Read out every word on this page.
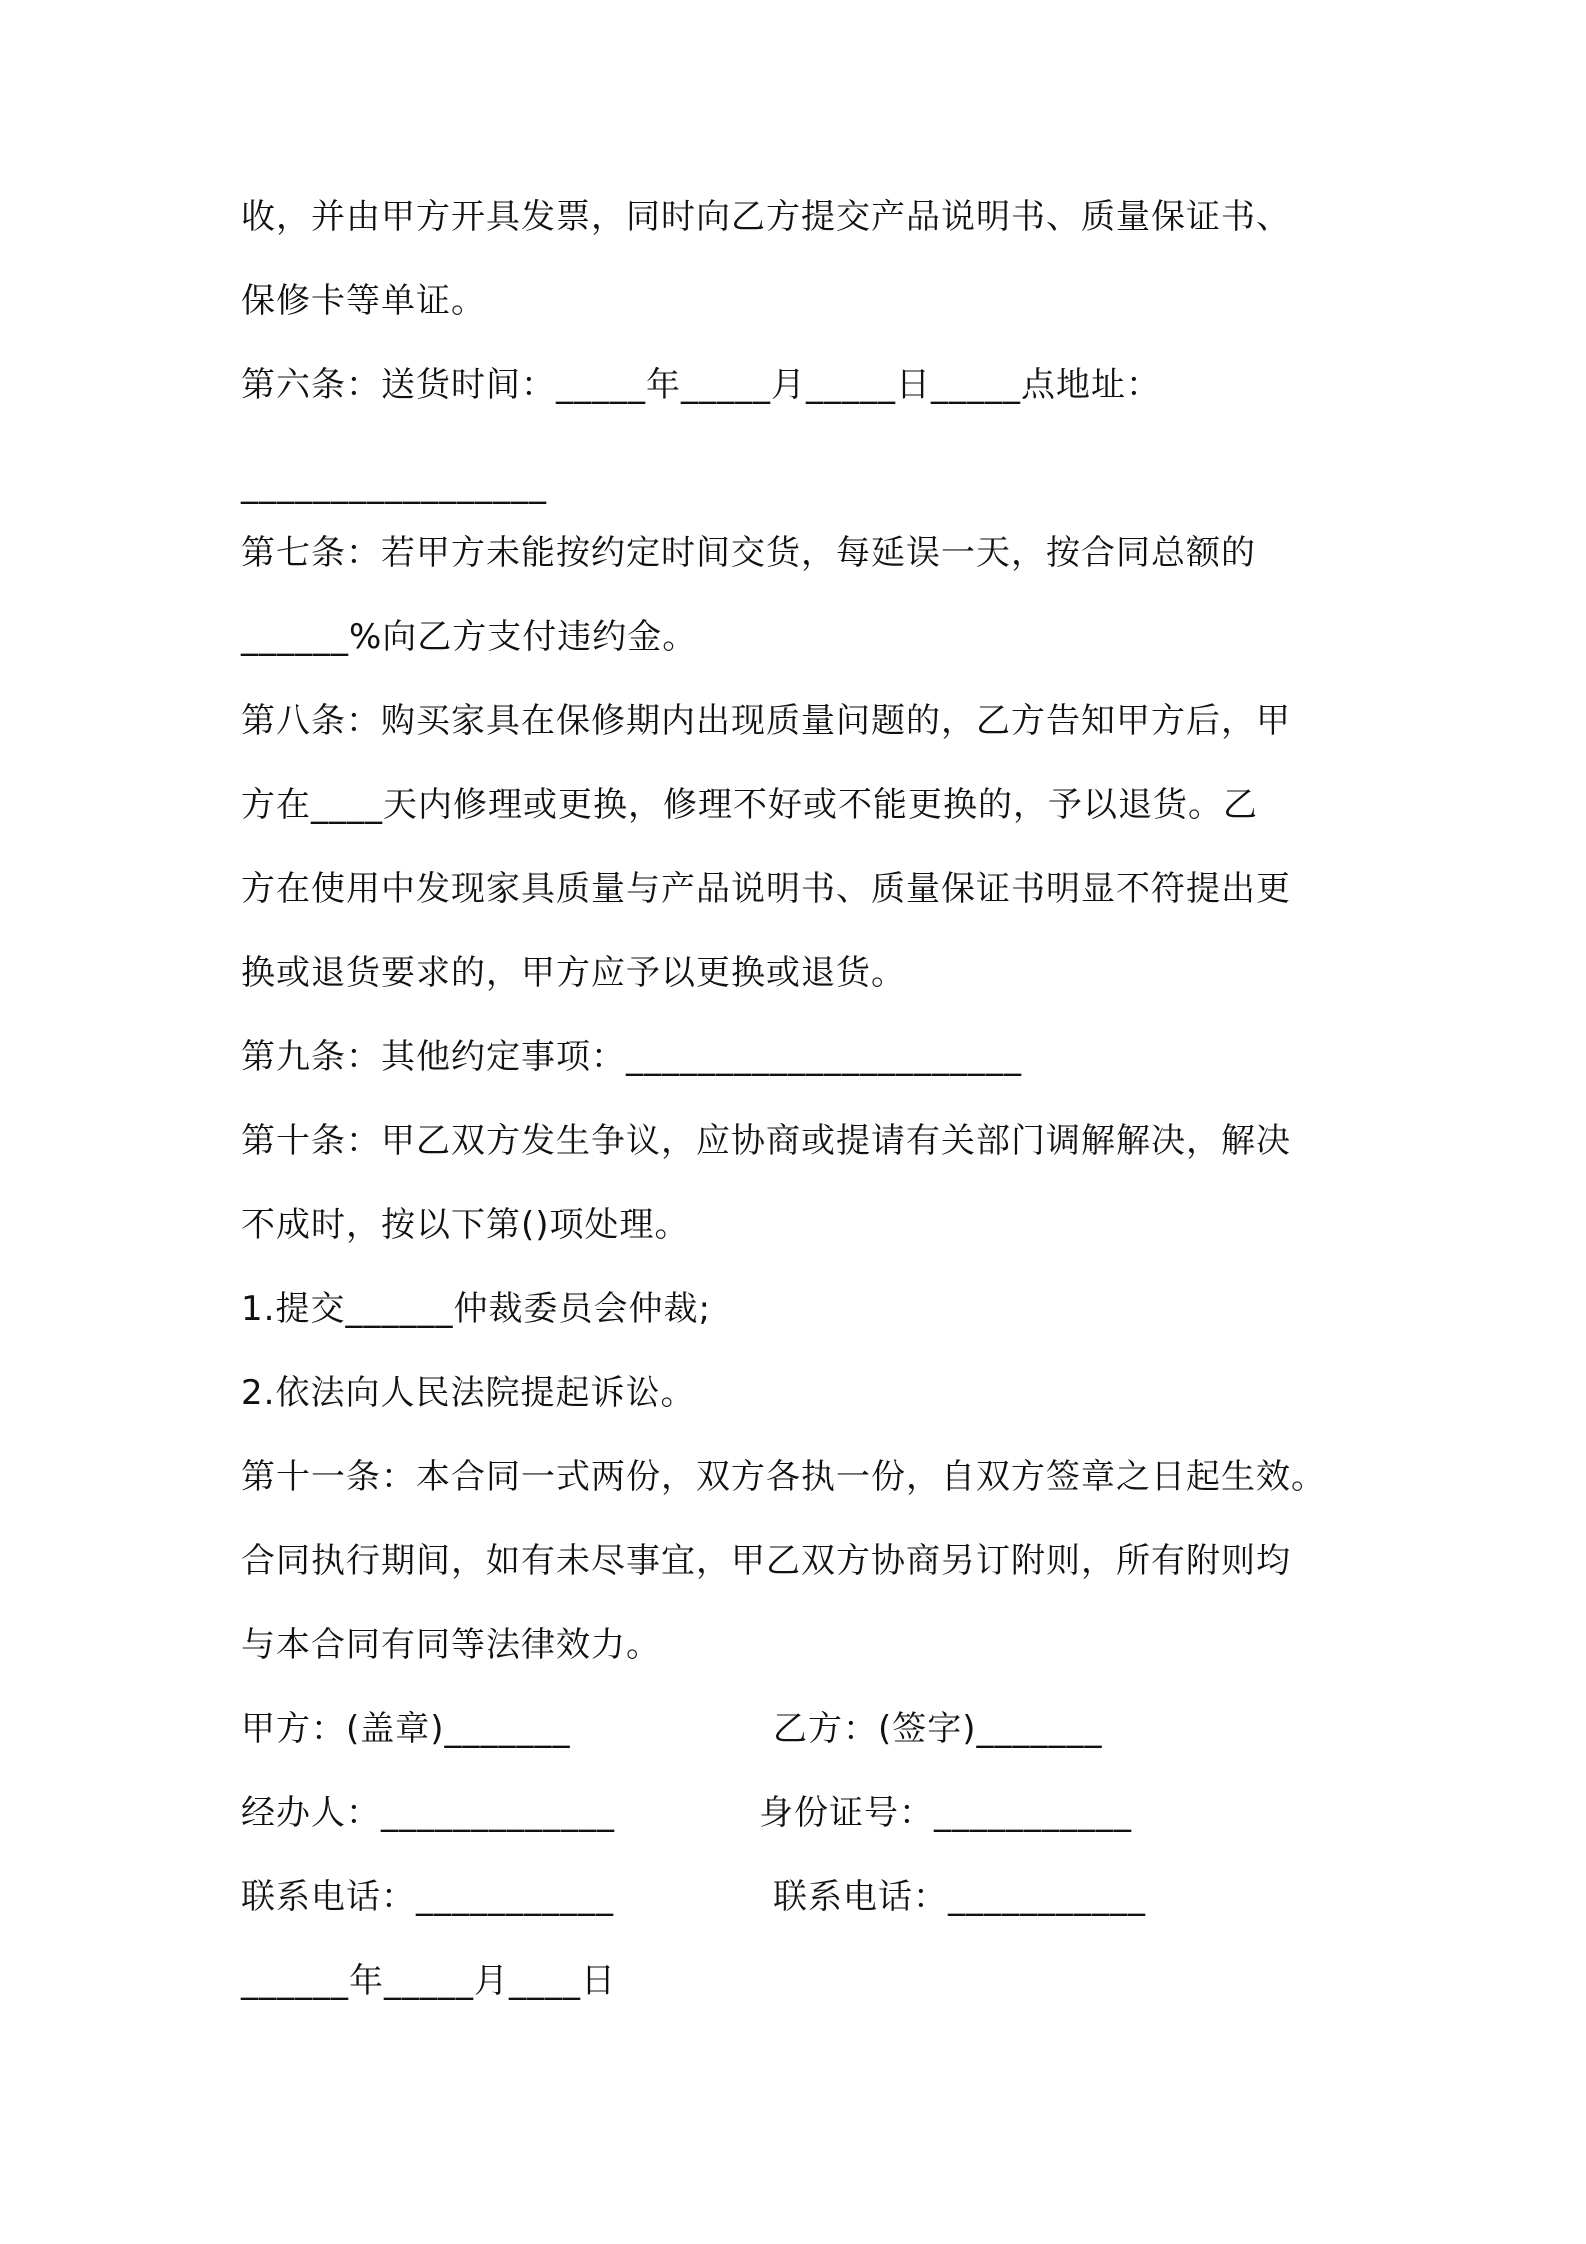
收，并由甲方开具发票，同时向乙方提交产品说明书、质量保证书、
保修卡等单证。
第六条：送货时间：_____年_____月_____日_____点地址：
_________________
第七条：若甲方未能按约定时间交货，每延误一天，按合同总额的
______%向乙方支付违约金。
第八条：购买家具在保修期内出现质量问题的，乙方告知甲方后，甲
方在____天内修理或更换，修理不好或不能更换的，予以退货。乙
方在使用中发现家具质量与产品说明书、质量保证书明显不符提出更
换或退货要求的，甲方应予以更换或退货。
第九条：其他约定事项：______________________
第十条：甲乙双方发生争议，应协商或提请有关部门调解解决，解决
不成时，按以下第()项处理。
1.提交______仲裁委员会仲裁;
2.依法向人民法院提起诉讼。
第十一条：本合同一式两份，双方各执一份，自双方签章之日起生效。
合同执行期间，如有未尽事宜，甲乙双方协商另订附则，所有附则均
与本合同有同等法律效力。
甲方：(盖章)_______	乙方：(签字)_______
经办人：_____________	身份证号：___________
联系电话：___________	联系电话：___________
______年_____月____日
